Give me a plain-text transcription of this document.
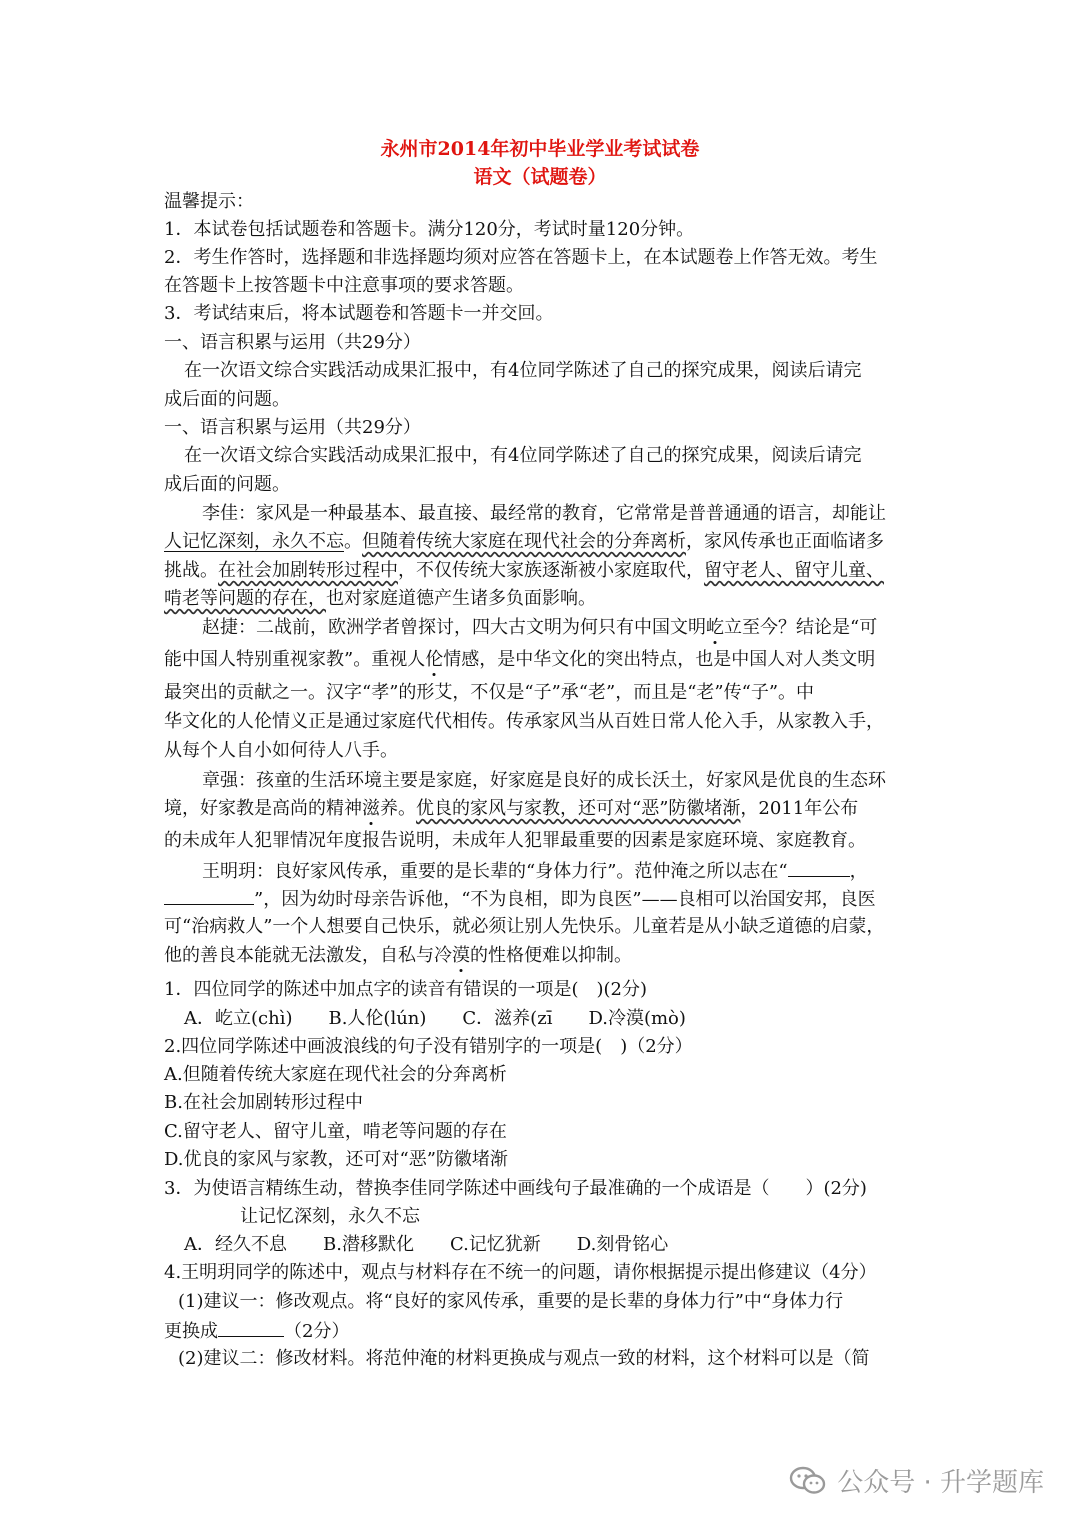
永州市2014年初中毕业学业考试试卷
语文（试题卷）
温馨提示：
1．本试卷包括试题卷和答题卡。满分120分，考试时量120分钟。
2．考生作答时，选择题和非选择题均须对应答在答题卡上，在本试题卷上作答无效。考生
在答题卡上按答题卡中注意事项的要求答题。
3．考试结束后，将本试题卷和答题卡一并交回。
一、语言积累与运用（共29分）
在一次语文综合实践活动成果汇报中，有4位同学陈述了自己的探究成果，阅读后请完
成后面的问题。
一、语言积累与运用（共29分）
在一次语文综合实践活动成果汇报中，有4位同学陈述了自己的探究成果，阅读后请完
成后面的问题。
李佳：家风是一种最基本、最直接、最经常的教育，它常常是普普通通的语言，却能让
人记忆深刻，永久不忘。但随着传统大家庭在现代社会的分奔离析，家风传承也正面临诸多
挑战。在社会加剧转形过程中，不仅传统大家族逐渐被小家庭取代，留守老人、留守儿童、
啃老等问题的存在，也对家庭道德产生诸多负面影响。
赵捷：二战前，欧洲学者曾探讨，四大古文明为何只有中国文明屹立至今？结论是“可
能中国人特别重视家教”。重视人伦情感，是中华文化的突出特点，也是中国人对人类文明
最突出的贡献之一。汉字“孝”的形艾，不仅是“子”承“老”，而且是“老”传“子”。中
华文化的人伦情义正是通过家庭代代相传。传承家风当从百姓日常人伦入手，从家教入手，
从每个人自小如何待人八手。
章强：孩童的生活环境主要是家庭，好家庭是良好的成长沃土，好家风是优良的生态环
境，好家教是高尚的精神滋养。优良的家风与家教，还可对“恶”防徽堵渐，2011年公布
的未成年人犯罪情况年度报告说明，未成年人犯罪最重要的因素是家庭环境、家庭教育。
王明玥：良好家风传承，重要的是长辈的“身体力行”。范仲淹之所以志在“	，
”，因为幼时母亲告诉他，“不为良相，即为良医”——良相可以治国安邦，良医
可“治病救人”一个人想要自己快乐，就必须让别人先快乐。儿童若是从小缺乏道德的启蒙，
他的善良本能就无法激发，自私与冷漠的性格便难以抑制。
1．四位同学的陈述中加点字的读音有错误的一项是(　)(2分)
A．屹立(chì)　　B.人伦(lún)　　C．滋养(zī　　D.冷漠(mò)
2.四位同学陈述中画波浪线的句子没有错别字的一项是(　)（2分）
A.但随着传统大家庭在现代社会的分奔离析
B.在社会加剧转形过程中
C.留守老人、留守儿童，啃老等问题的存在
D.优良的家风与家教，还可对“恶”防徽堵渐
3．为使语言精练生动，替换李佳同学陈述中画线句子最准确的一个成语是（　　）(2分)
让记忆深刻，永久不忘
A．经久不息　　B.潜移默化　　C.记忆犹新　　D.刻骨铭心
4.王明玥同学的陈述中，观点与材料存在不统一的问题，请你根据提示提出修建议（4分）
(1)建议一：修改观点。将“良好的家风传承，重要的是长辈的身体力行”中“身体力行
更换成	（2分）
(2)建议二：修改材料。将范仲淹的材料更换成与观点一致的材料，这个材料可以是（简
公众号 · 升学题库
